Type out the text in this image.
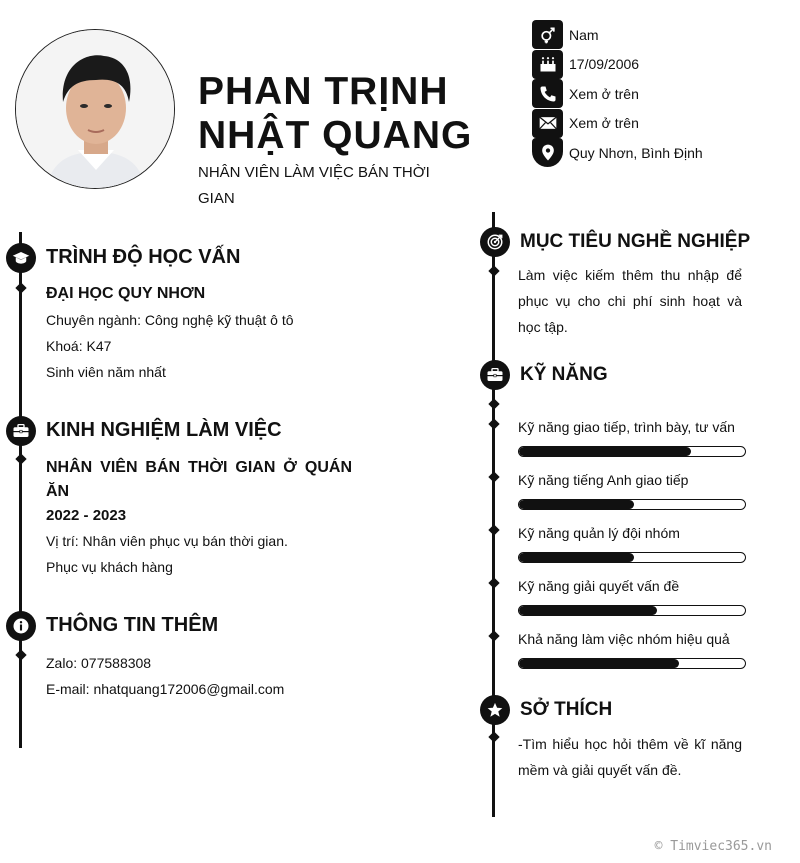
PHAN TRỊNH
NHẬT QUANG
NHÂN VIÊN LÀM VIỆC BÁN THỜI GIAN
Nam
17/09/2006
Xem ở trên
Xem ở trên
Quy Nhơn, Bình Định
TRÌNH ĐỘ HỌC VẤN
ĐẠI HỌC QUY NHƠN
Chuyên ngành: Công nghệ kỹ thuật ô tô
Khoá: K47
Sinh viên năm nhất
KINH NGHIỆM LÀM VIỆC
NHÂN VIÊN BÁN THỜI GIAN Ở QUÁN
ĂN
2022 - 2023
Vị trí: Nhân viên phục vụ bán thời gian.
Phục vụ khách hàng
THÔNG TIN THÊM
Zalo: 077588308
E-mail: nhatquang172006@gmail.com
MỤC TIÊU NGHỀ NGHIỆP
Làm việc kiếm thêm thu nhập để
phục vụ cho chi phí sinh hoạt và
học tập.
KỸ NĂNG
Kỹ năng giao tiếp, trình bày, tư vấn
Kỹ năng tiếng Anh giao tiếp
Kỹ năng quản lý đội nhóm
Kỹ năng giải quyết vấn đề
Khả năng làm việc nhóm hiệu quả
SỞ THÍCH
-Tìm hiểu học hỏi thêm về kĩ năng
mềm và giải quyết vấn đề.
© Timviec365.vn
